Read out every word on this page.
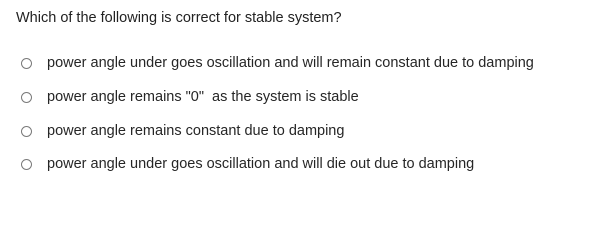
Which of the following is correct for stable system?
power angle under goes oscillation and will remain constant due to damping
power angle remains "0"  as the system is stable
power angle remains constant due to damping
power angle under goes oscillation and will die out due to damping
